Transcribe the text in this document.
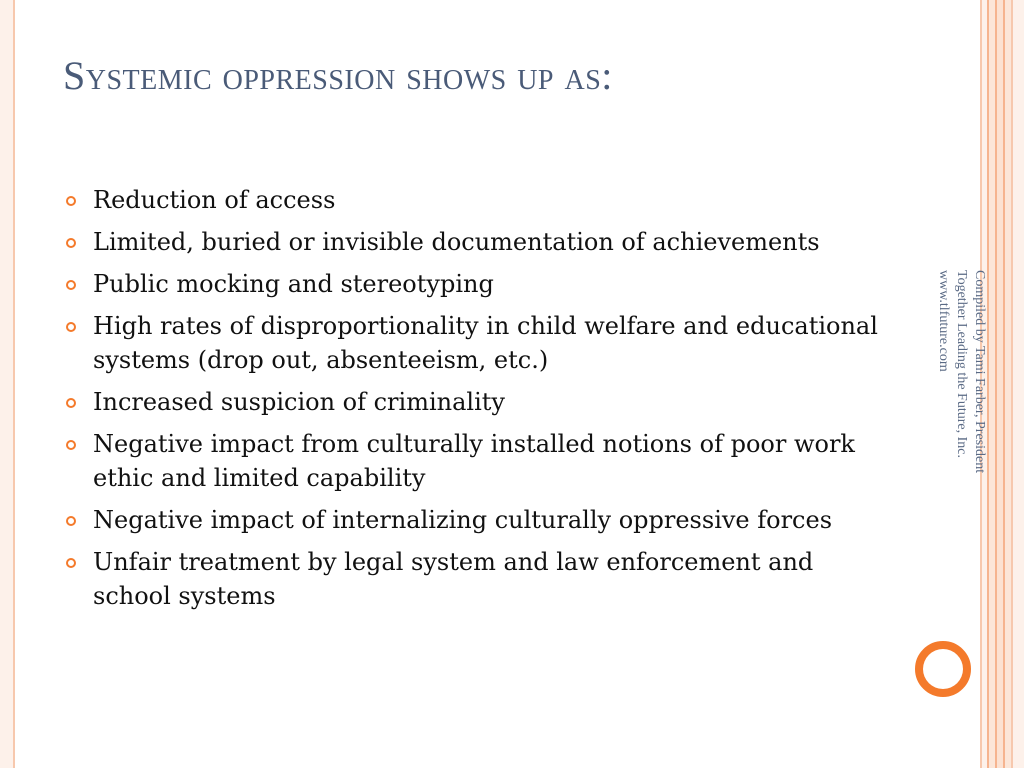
Systemic oppression shows up as:
Reduction of access
Limited, buried or invisible documentation of achievements
Public mocking and stereotyping
High rates of disproportionality in child welfare and educational systems (drop out, absenteeism, etc.)
Increased suspicion of criminality
Negative impact from culturally installed notions of poor work ethic and limited capability
Negative impact of internalizing culturally oppressive forces
Unfair treatment by legal system and law enforcement and school systems
Compiled by Tami Farber, President
Together Leading the Future, Inc.
www.tlfuture.com
